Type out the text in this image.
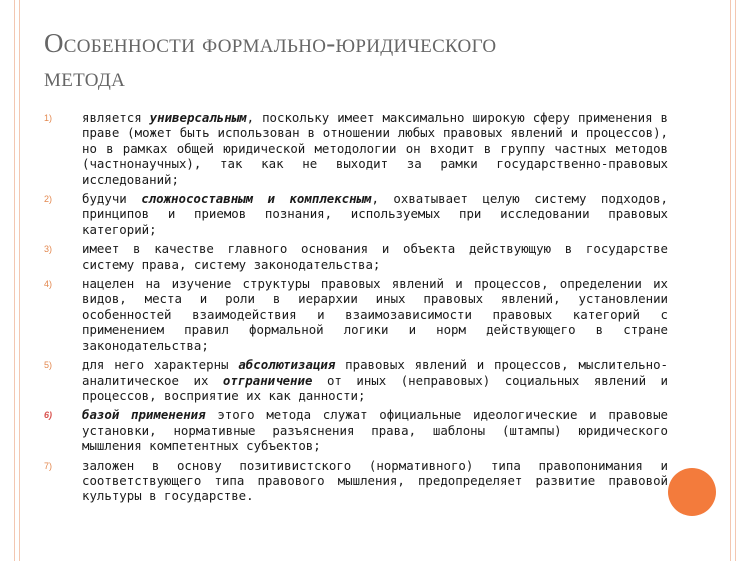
Особенности формально-юридического
метода
1)	является универсальным, поскольку имеет максимально широкую сферу применения в праве (может быть использован в отношении любых правовых явлений и процессов), но в рамках общей юридической методологии он входит в группу частных методов (частнонаучных), так как не выходит за рамки государственно-правовых исследований;
2)	будучи сложносоставным и комплексным, охватывает целую систему подходов, принципов и приемов познания, используемых при исследовании правовых категорий;
3)	имеет в качестве главного основания и объекта действующую в государстве систему права, систему законодательства;
4)	нацелен на изучение структуры правовых явлений и процессов, определении их видов, места и роли в иерархии иных правовых явлений, установлении особенностей взаимодействия и взаимозависимости правовых категорий с применением правил формальной логики и норм действующего в стране законодательства;
5)	для него характерны абсолютизация правовых явлений и процессов, мыслительно-аналитическое их отграничение от иных (неправовых) социальных явлений и процессов, восприятие их как данности;
6)	базой применения этого метода служат официальные идеологические и правовые установки, нормативные разъяснения права, шаблоны (штампы) юридического мышления компетентных субъектов;
7)	заложен в основу позитивистского (нормативного) типа правопонимания и соответствующего типа правового мышления, предопределяет развитие правовой культуры в государстве.
